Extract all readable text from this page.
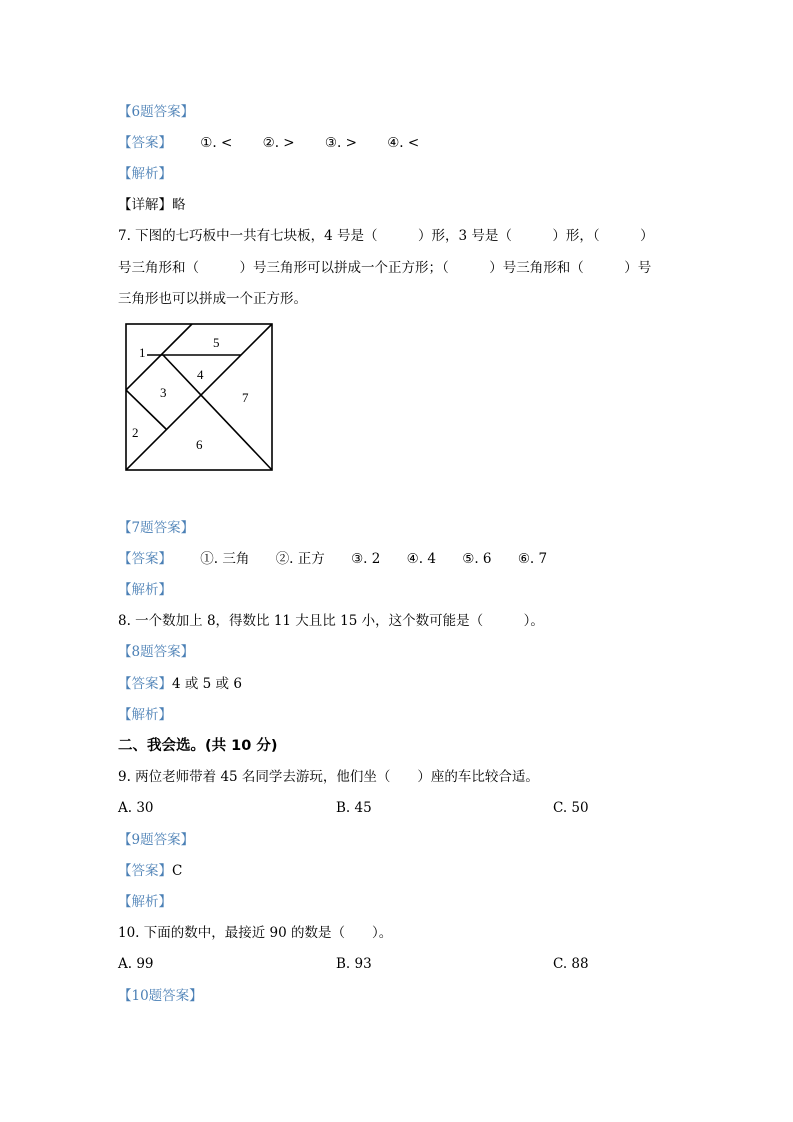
【6题答案】
【答案】 ①. < ②. > ③. > ④. <
【解析】
【详解】略
7. 下图的七巧板中一共有七块板，4 号是（　　　）形，3 号是（　　　）形，（　　　）
号三角形和（　　　）号三角形可以拼成一个正方形；（　　　）号三角形和（　　　）号
三角形也可以拼成一个正方形。
1
5
4
3	7
2
6
【7题答案】
【答案】 ①. 三角 ②. 正方 ③. 2 ④. 4 ⑤. 6 ⑥. 7
【解析】
8. 一个数加上 8，得数比 11 大且比 15 小，这个数可能是（　　　）。
【8题答案】
【答案】4 或 5 或 6
【解析】
二、我会选。(共 10 分)
9. 两位老师带着 45 名同学去游玩，他们坐（　　）座的车比较合适。
A. 30	B. 45	C. 50
【9题答案】
【答案】C
【解析】
10. 下面的数中，最接近 90 的数是（　　）。
A. 99	B. 93	C. 88
【10题答案】
